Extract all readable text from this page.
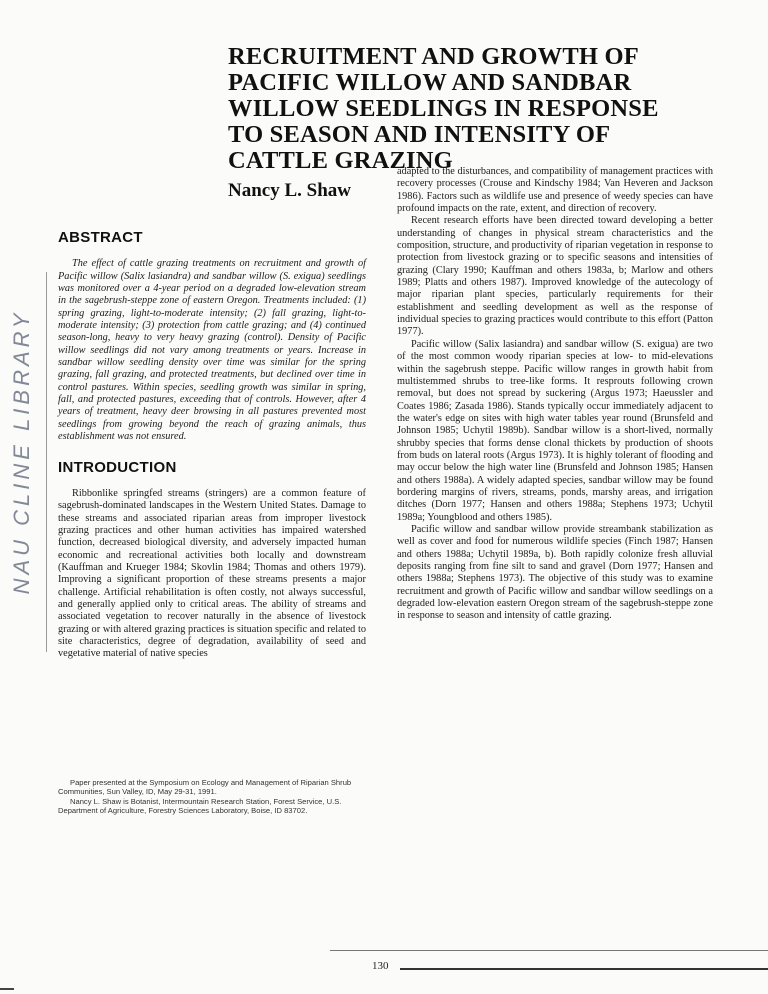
RECRUITMENT AND GROWTH OF
PACIFIC WILLOW AND SANDBAR
WILLOW SEEDLINGS IN RESPONSE
TO SEASON AND INTENSITY OF
CATTLE GRAZING
Nancy L. Shaw
NAU CLINE LIBRARY
ABSTRACT

The effect of cattle grazing treatments on recruitment and growth of Pacific willow (Salix lasiandra) and sandbar willow (S. exigua) seedlings was monitored over a 4-year period on a degraded low-elevation stream in the sagebrush-steppe zone of eastern Oregon. Treatments included: (1) spring grazing, light-to-moderate intensity; (2) fall grazing, light-to-moderate intensity; (3) protection from cattle grazing; and (4) continued season-long, heavy to very heavy grazing (control). Density of Pacific willow seedlings did not vary among treatments or years. Increase in sandbar willow seedling density over time was similar for the spring grazing, fall grazing, and protected treatments, but declined over time in control pastures. Within species, seedling growth was similar in spring, fall, and protected pastures, exceeding that of controls. However, after 4 years of treatment, heavy deer browsing in all pastures prevented most seedlings from growing beyond the reach of grazing animals, thus establishment was not ensured.

INTRODUCTION

Ribbonlike springfed streams (stringers) are a common feature of sagebrush-dominated landscapes in the Western United States. Damage to these streams and associated riparian areas from improper livestock grazing practices and other human activities has impaired watershed function, decreased biological diversity, and adversely impacted human economic and recreational activities both locally and downstream (Kauffman and Krueger 1984; Skovlin 1984; Thomas and others 1979). Improving a significant proportion of these streams presents a major challenge. Artificial rehabilitation is often costly, not always successful, and generally applied only to critical areas. The ability of streams and associated vegetation to recover naturally in the absence of livestock grazing or with altered grazing practices is situation specific and related to site characteristics, degree of degradation, availability of seed and vegetative material of native species

Paper presented at the Symposium on Ecology and Management of Riparian Shrub Communities, Sun Valley, ID, May 29-31, 1991.

Nancy L. Shaw is Botanist, Intermountain Research Station, Forest Service, U.S. Department of Agriculture, Forestry Sciences Laboratory, Boise, ID 83702.

adapted to the disturbances, and compatibility of management practices with recovery processes (Crouse and Kindschy 1984; Van Heveren and Jackson 1986). Factors such as wildlife use and presence of weedy species can have profound impacts on the rate, extent, and direction of recovery.

Recent research efforts have been directed toward developing a better understanding of changes in physical stream characteristics and the composition, structure, and productivity of riparian vegetation in response to protection from livestock grazing or to specific seasons and intensities of grazing (Clary 1990; Kauffman and others 1983a, b; Marlow and others 1989; Platts and others 1987). Improved knowledge of the autecology of major riparian plant species, particularly requirements for their establishment and seedling development as well as the response of individual species to grazing practices would contribute to this effort (Patton 1977).

Pacific willow (Salix lasiandra) and sandbar willow (S. exigua) are two of the most common woody riparian species at low- to mid-elevations within the sagebrush steppe. Pacific willow ranges in growth habit from multistemmed shrubs to tree-like forms. It resprouts following crown removal, but does not spread by suckering (Argus 1973; Haeussler and Coates 1986; Zasada 1986). Stands typically occur immediately adjacent to the water's edge on sites with high water tables year round (Brunsfeld and Johnson 1985; Uchytil 1989b). Sandbar willow is a short-lived, normally shrubby species that forms dense clonal thickets by production of shoots from buds on lateral roots (Argus 1973). It is highly tolerant of flooding and may occur below the high water line (Brunsfeld and Johnson 1985; Hansen and others 1988a). A widely adapted species, sandbar willow may be found bordering margins of rivers, streams, ponds, marshy areas, and irrigation ditches (Dorn 1977; Hansen and others 1988a; Stephens 1973; Uchytil 1989a; Youngblood and others 1985).

Pacific willow and sandbar willow provide streambank stabilization as well as cover and food for numerous wildlife species (Finch 1987; Hansen and others 1988a; Uchytil 1989a, b). Both rapidly colonize fresh alluvial deposits ranging from fine silt to sand and gravel (Dorn 1977; Hansen and others 1988a; Stephens 1973). The objective of this study was to examine recruitment and growth of Pacific willow and sandbar willow seedlings on a degraded low-elevation eastern Oregon stream of the sagebrush-steppe zone in response to season and intensity of cattle grazing.

130
